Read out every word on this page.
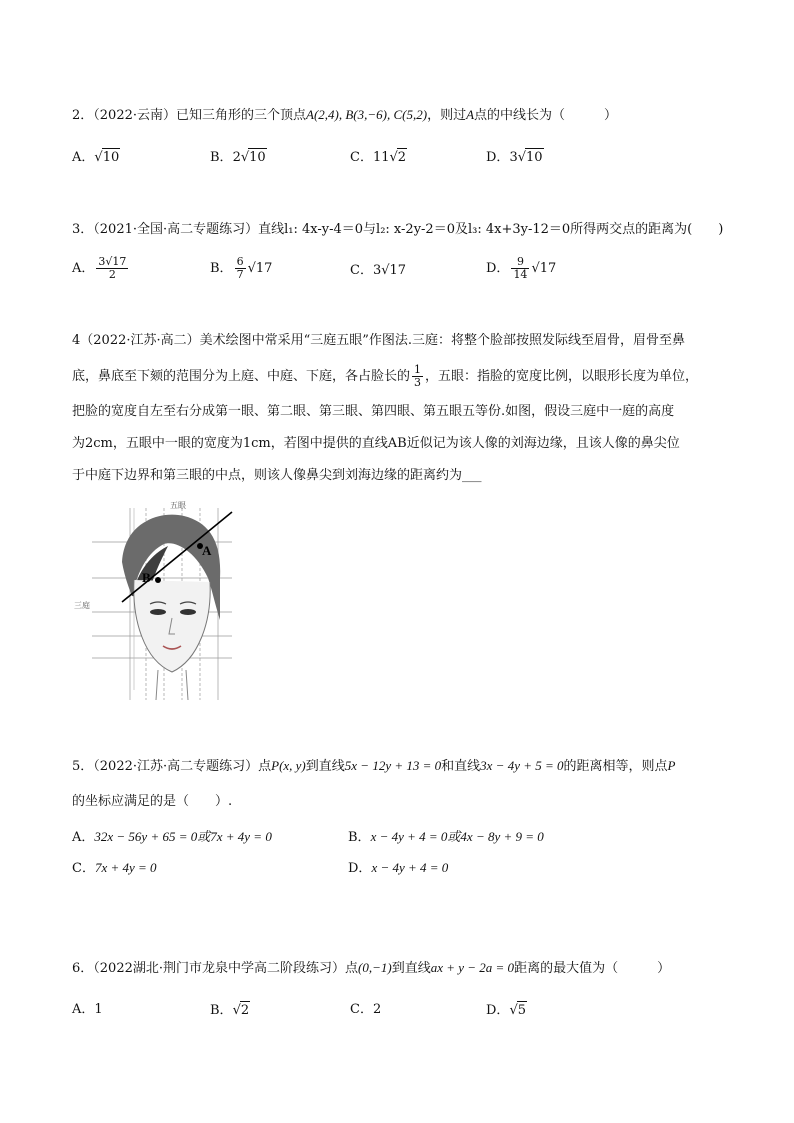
2．（2022·云南）已知三角形的三个顶点A(2,4), B(3,−6), C(5,2)，则过A点的中线长为（　　　）
A．√10	B．2√10	C．11√2	D．3√10
3．（2021·全国·高二专题练习）直线l₁: 4x-y-4＝0与l₂: x-2y-2＝0及l₃: 4x+3y-12＝0所得两交点的距离为(　　)
A． $\frac{3√17}{2}$	B． $\frac{6}{7} √17$	C．3√17	D． $\frac{9}{14} √17$
4（2022·江苏·高二）美术绘图中常采用“三庭五眼”作图法.三庭：将整个脸部按照发际线至眉骨，眉骨至鼻
底，鼻底至下颏的范围分为上庭、中庭、下庭，各占脸长的 $\frac{1}{3}$ ，五眼：指脸的宽度比例，以眼形长度为单位，
把脸的宽度自左至右分成第一眼、第二眼、第三眼、第四眼、第五眼五等份.如图，假设三庭中一庭的高度
为2cm，五眼中一眼的宽度为1cm，若图中提供的直线AB近似记为该人像的刘海边缘，且该人像的鼻尖位
于中庭下边界和第三眼的中点，则该人像鼻尖到刘海边缘的距离约为___
A
B
五眼
三庭
5．（2022·江苏·高二专题练习）点P(x, y)到直线5x − 12y + 13 = 0和直线3x − 4y + 5 = 0的距离相等，则点P
的坐标应满足的是（　　）.
A．32x − 56y + 65 = 0或7x + 4y = 0	B．x − 4y + 4 = 0或4x − 8y + 9 = 0
C．7x + 4y = 0	D．x − 4y + 4 = 0
6．（2022湖北·荆门市龙泉中学高二阶段练习）点(0,−1)到直线ax + y − 2a = 0距离的最大值为（　　　）
A．1	B．√2	C．2	D．√5
